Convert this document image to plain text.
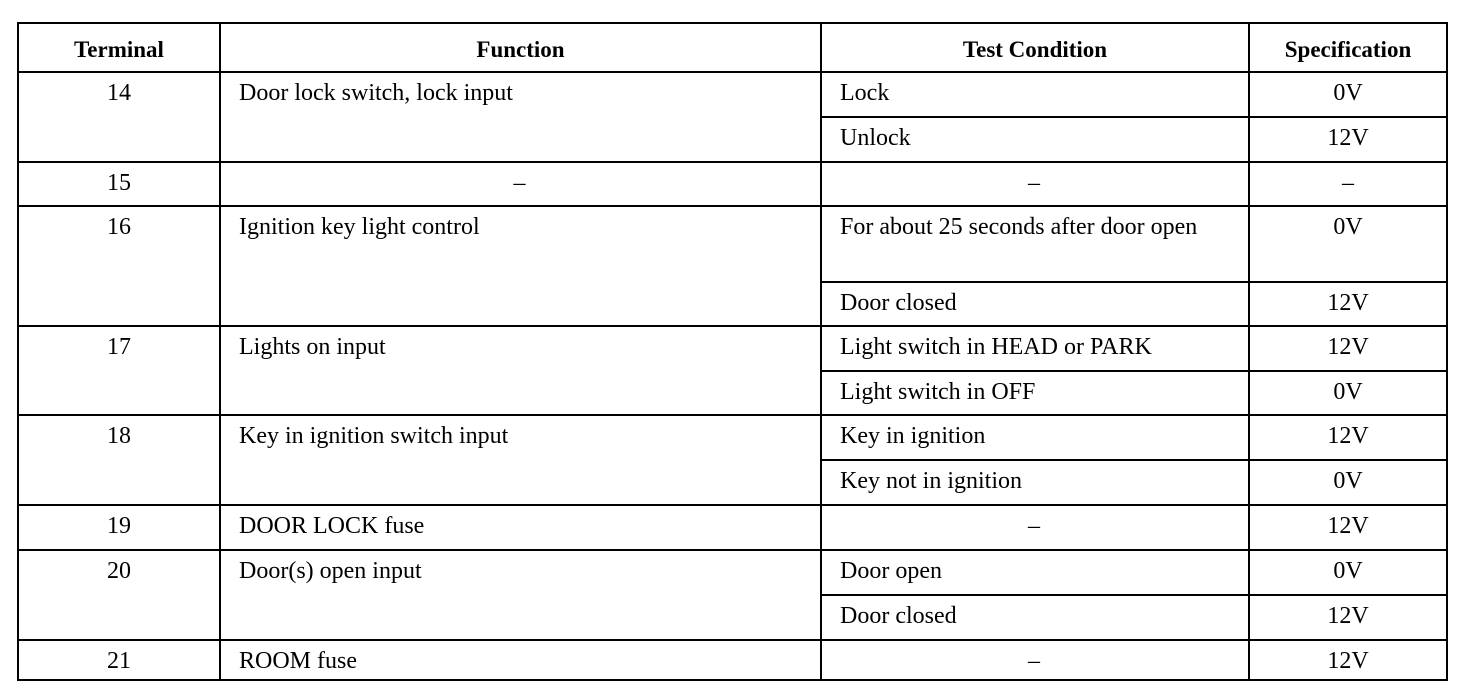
Terminal	Function	Test Condition	Specification
14	Door lock switch, lock input	Lock	0V
		Unlock	12V
15	–	–	–
16	Ignition key light control	For about 25 seconds after door open	0V
		Door closed	12V
17	Lights on input	Light switch in HEAD or PARK	12V
		Light switch in OFF	0V
18	Key in ignition switch input	Key in ignition	12V
		Key not in ignition	0V
19	DOOR LOCK fuse	–	12V
20	Door(s) open input	Door open	0V
		Door closed	12V
21	ROOM fuse	–	12V
